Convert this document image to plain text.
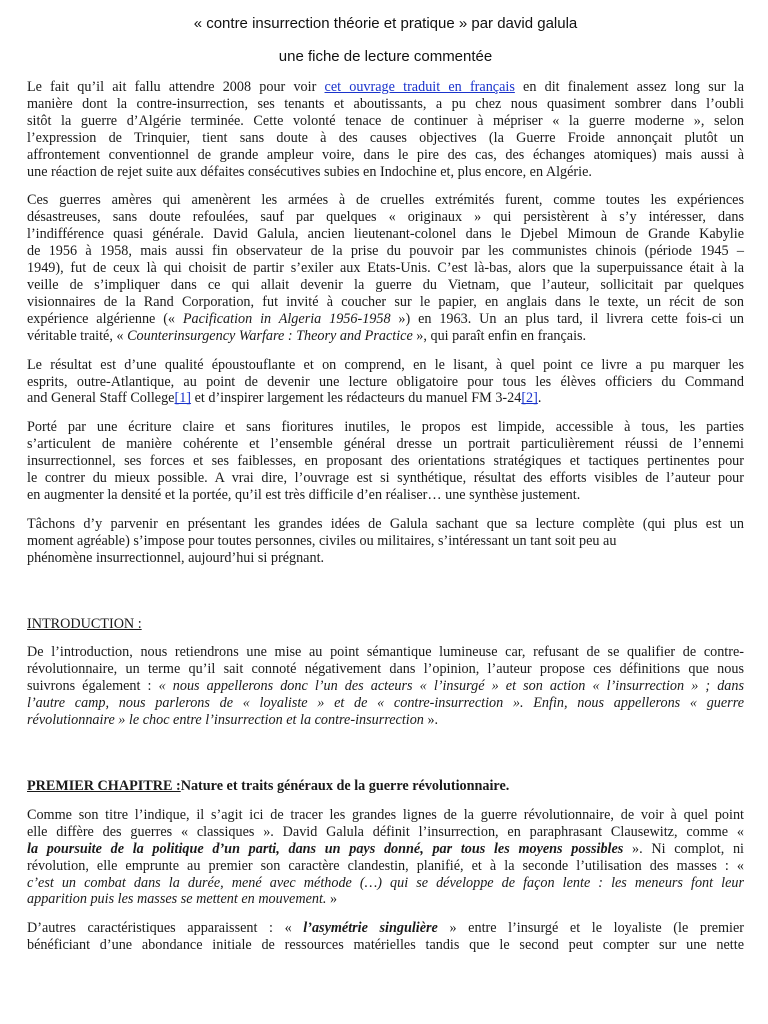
« contre insurrection théorie et pratique » par david galula
une fiche de lecture commentée

Le fait qu’il ait fallu attendre 2008 pour voir cet ouvrage traduit en français en dit finalement assez long sur la
manière dont la contre-insurrection, ses tenants et aboutissants, a pu chez nous quasiment sombrer dans l’oubli
sitôt la guerre d’Algérie terminée. Cette volonté tenace de continuer à mépriser « la guerre moderne », selon
l’expression de Trinquier, tient sans doute à des causes objectives (la Guerre Froide annonçait plutôt un
affrontement conventionnel de grande ampleur voire, dans le pire des cas, des échanges atomiques) mais aussi à
une réaction de rejet suite aux défaites consécutives subies en Indochine et, plus encore, en Algérie.

Ces guerres amères qui amenèrent les armées à de cruelles extrémités furent, comme toutes les expériences
désastreuses, sans doute refoulées, sauf par quelques « originaux » qui persistèrent à s’y intéresser, dans
l’indifférence quasi générale. David Galula, ancien lieutenant-colonel dans le Djebel Mimoun de Grande Kabylie
de 1956 à 1958, mais aussi fin observateur de la prise du pouvoir par les communistes chinois (période 1945 –
1949), fut de ceux là qui choisit de partir s’exiler aux Etats-Unis. C’est là-bas, alors que la superpuissance était à la
veille de s’impliquer dans ce qui allait devenir la guerre du Vietnam, que l’auteur, sollicitait par quelques
visionnaires de la Rand Corporation, fut invité à coucher sur le papier, en anglais dans le texte, un récit de son
expérience algérienne (« Pacification in Algeria 1956-1958 ») en 1963. Un an plus tard, il livrera cette fois-ci un
véritable traité, « Counterinsurgency Warfare : Theory and Practice », qui paraît enfin en français.

Le résultat est d’une qualité époustouflante et on comprend, en le lisant, à quel point ce livre a pu marquer les
esprits, outre-Atlantique, au point de devenir une lecture obligatoire pour tous les élèves officiers du Command
and General Staff College[1] et d’inspirer largement les rédacteurs du manuel FM 3-24[2].

Porté par une écriture claire et sans fioritures inutiles, le propos est limpide, accessible à tous, les parties
s’articulent de manière cohérente et l’ensemble général dresse un portrait particulièrement réussi de l’ennemi
insurrectionnel, ses forces et ses faiblesses, en proposant des orientations stratégiques et tactiques pertinentes pour
le contrer du mieux possible. A vrai dire, l’ouvrage est si synthétique, résultat des efforts visibles de l’auteur pour
en augmenter la densité et la portée, qu’il est très difficile d’en réaliser… une synthèse justement.

Tâchons d’y parvenir en présentant les grandes idées de Galula sachant que sa lecture complète (qui plus est un
moment agréable) s’impose pour toutes personnes, civiles ou militaires, s’intéressant un tant soit peu au
phénomène insurrectionnel, aujourd’hui si prégnant.

INTRODUCTION :

De l’introduction, nous retiendrons une mise au point sémantique lumineuse car, refusant de se qualifier de contre-
révolutionnaire, un terme qu’il sait connoté négativement dans l’opinion, l’auteur propose ces définitions que nous
suivrons également : « nous appellerons donc l’un des acteurs « l’insurgé » et son action « l’insurrection » ; dans
l’autre camp, nous parlerons de « loyaliste » et de « contre-insurrection ». Enfin, nous appellerons « guerre
révolutionnaire » le choc entre l’insurrection et la contre-insurrection ».

PREMIER CHAPITRE :Nature et traits généraux de la guerre révolutionnaire.

Comme son titre l’indique, il s’agit ici de tracer les grandes lignes de la guerre révolutionnaire, de voir à quel point
elle diffère des guerres « classiques ». David Galula définit l’insurrection, en paraphrasant Clausewitz, comme «
la poursuite de la politique d’un parti, dans un pays donné, par tous les moyens possibles ». Ni complot, ni
révolution, elle emprunte au premier son caractère clandestin, planifié, et à la seconde l’utilisation des masses : «
c’est un combat dans la durée, mené avec méthode (…) qui se développe de façon lente : les meneurs font leur
apparition puis les masses se mettent en mouvement. »

D’autres caractéristiques apparaissent : « l’asymétrie singulière » entre l’insurgé et le loyaliste (le premier
bénéficiant d’une abondance initiale de ressources matérielles tandis que le second peut compter sur une nette
